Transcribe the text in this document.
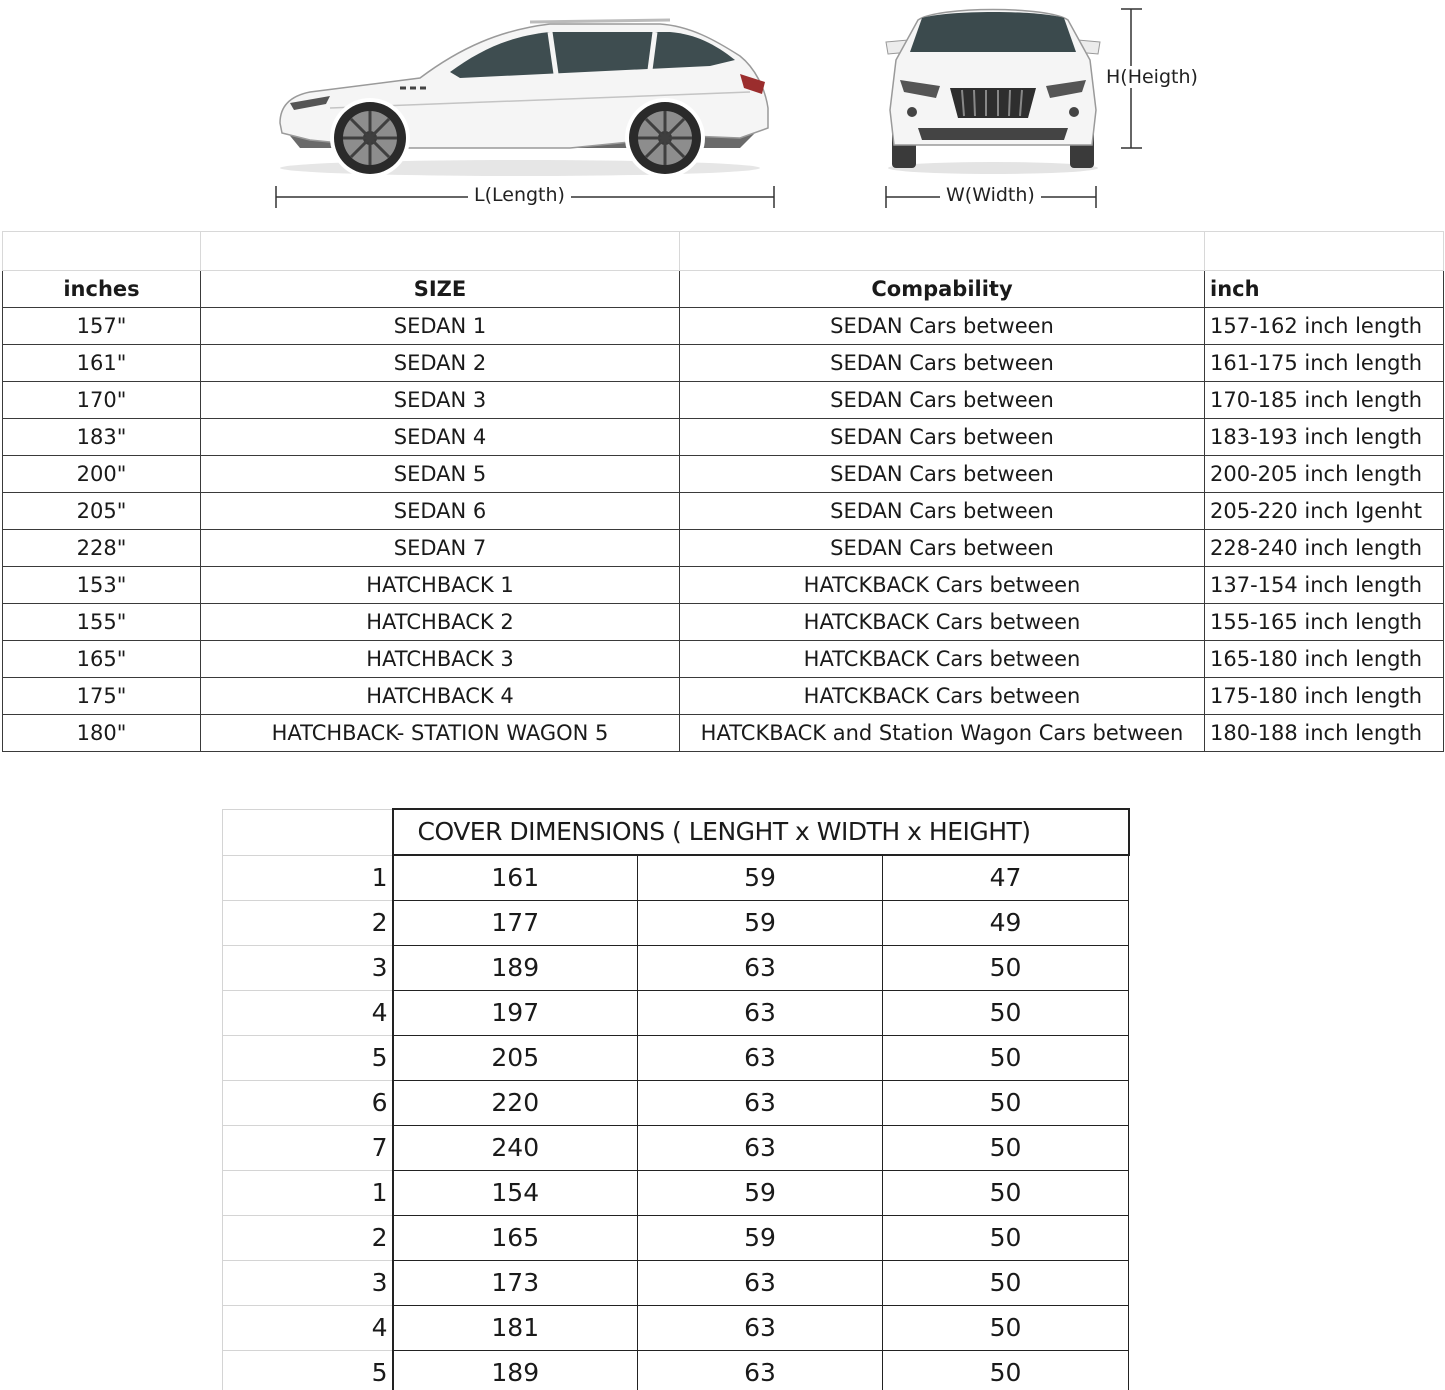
L(Length)	W(Width)
H(Heigth)

inches	SIZE	Compability	inch
157"	SEDAN 1	SEDAN Cars between	157-162 inch length
161"	SEDAN 2	SEDAN Cars between	161-175 inch length
170"	SEDAN 3	SEDAN Cars between	170-185 inch length
183"	SEDAN 4	SEDAN Cars between	183-193 inch length
200"	SEDAN 5	SEDAN Cars between	200-205 inch length
205"	SEDAN 6	SEDAN Cars between	205-220 inch lgenht
228"	SEDAN 7	SEDAN Cars between	228-240 inch length
153"	HATCHBACK 1	HATCKBACK Cars between	137-154 inch length
155"	HATCHBACK 2	HATCKBACK Cars between	155-165 inch length
165"	HATCHBACK 3	HATCKBACK Cars between	165-180 inch length
175"	HATCHBACK 4	HATCKBACK Cars between	175-180 inch length
180"	HATCHBACK- STATION WAGON 5	HATCKBACK and Station Wagon Cars between	180-188 inch length
	COVER DIMENSIONS ( LENGHT x WIDTH x HEIGHT)		
1	161	59	47
2	177	59	49
3	189	63	50
4	197	63	50
5	205	63	50
6	220	63	50
7	240	63	50
1	154	59	50
2	165	59	50
3	173	63	50
4	181	63	50
5	189	63	50
